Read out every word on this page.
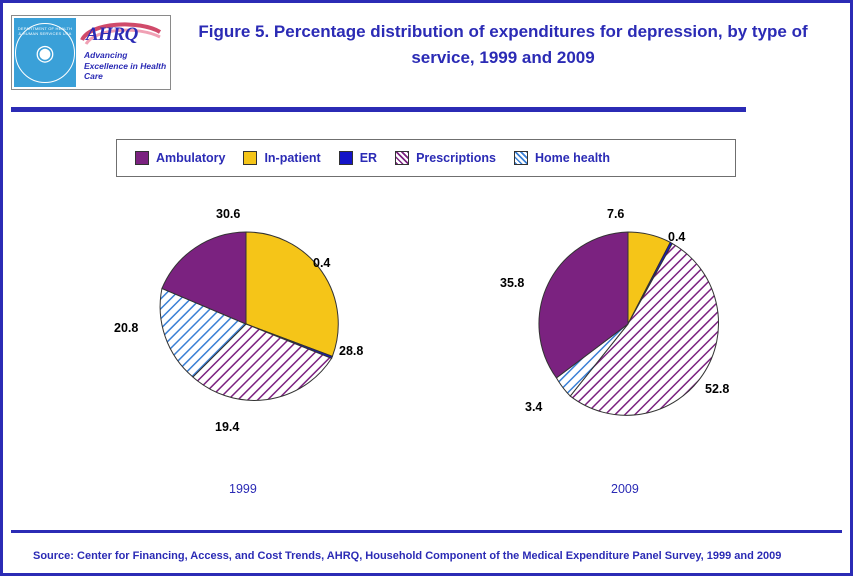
DEPARTMENT OF HEALTH & HUMAN SERVICES USA
◉
AHRQ
Advancing Excellence in Health Care
Figure 5. Percentage distribution of expenditures for depression, by type of service, 1999 and 2009
Ambulatory	In-patient	ER	Prescriptions	Home health
30.6
0.4
28.8
19.4
20.8
1999
7.6
0.4
52.8
3.4
35.8
2009
Source: Center for Financing, Access, and Cost Trends, AHRQ, Household Component of the Medical Expenditure Panel Survey, 1999 and 2009
